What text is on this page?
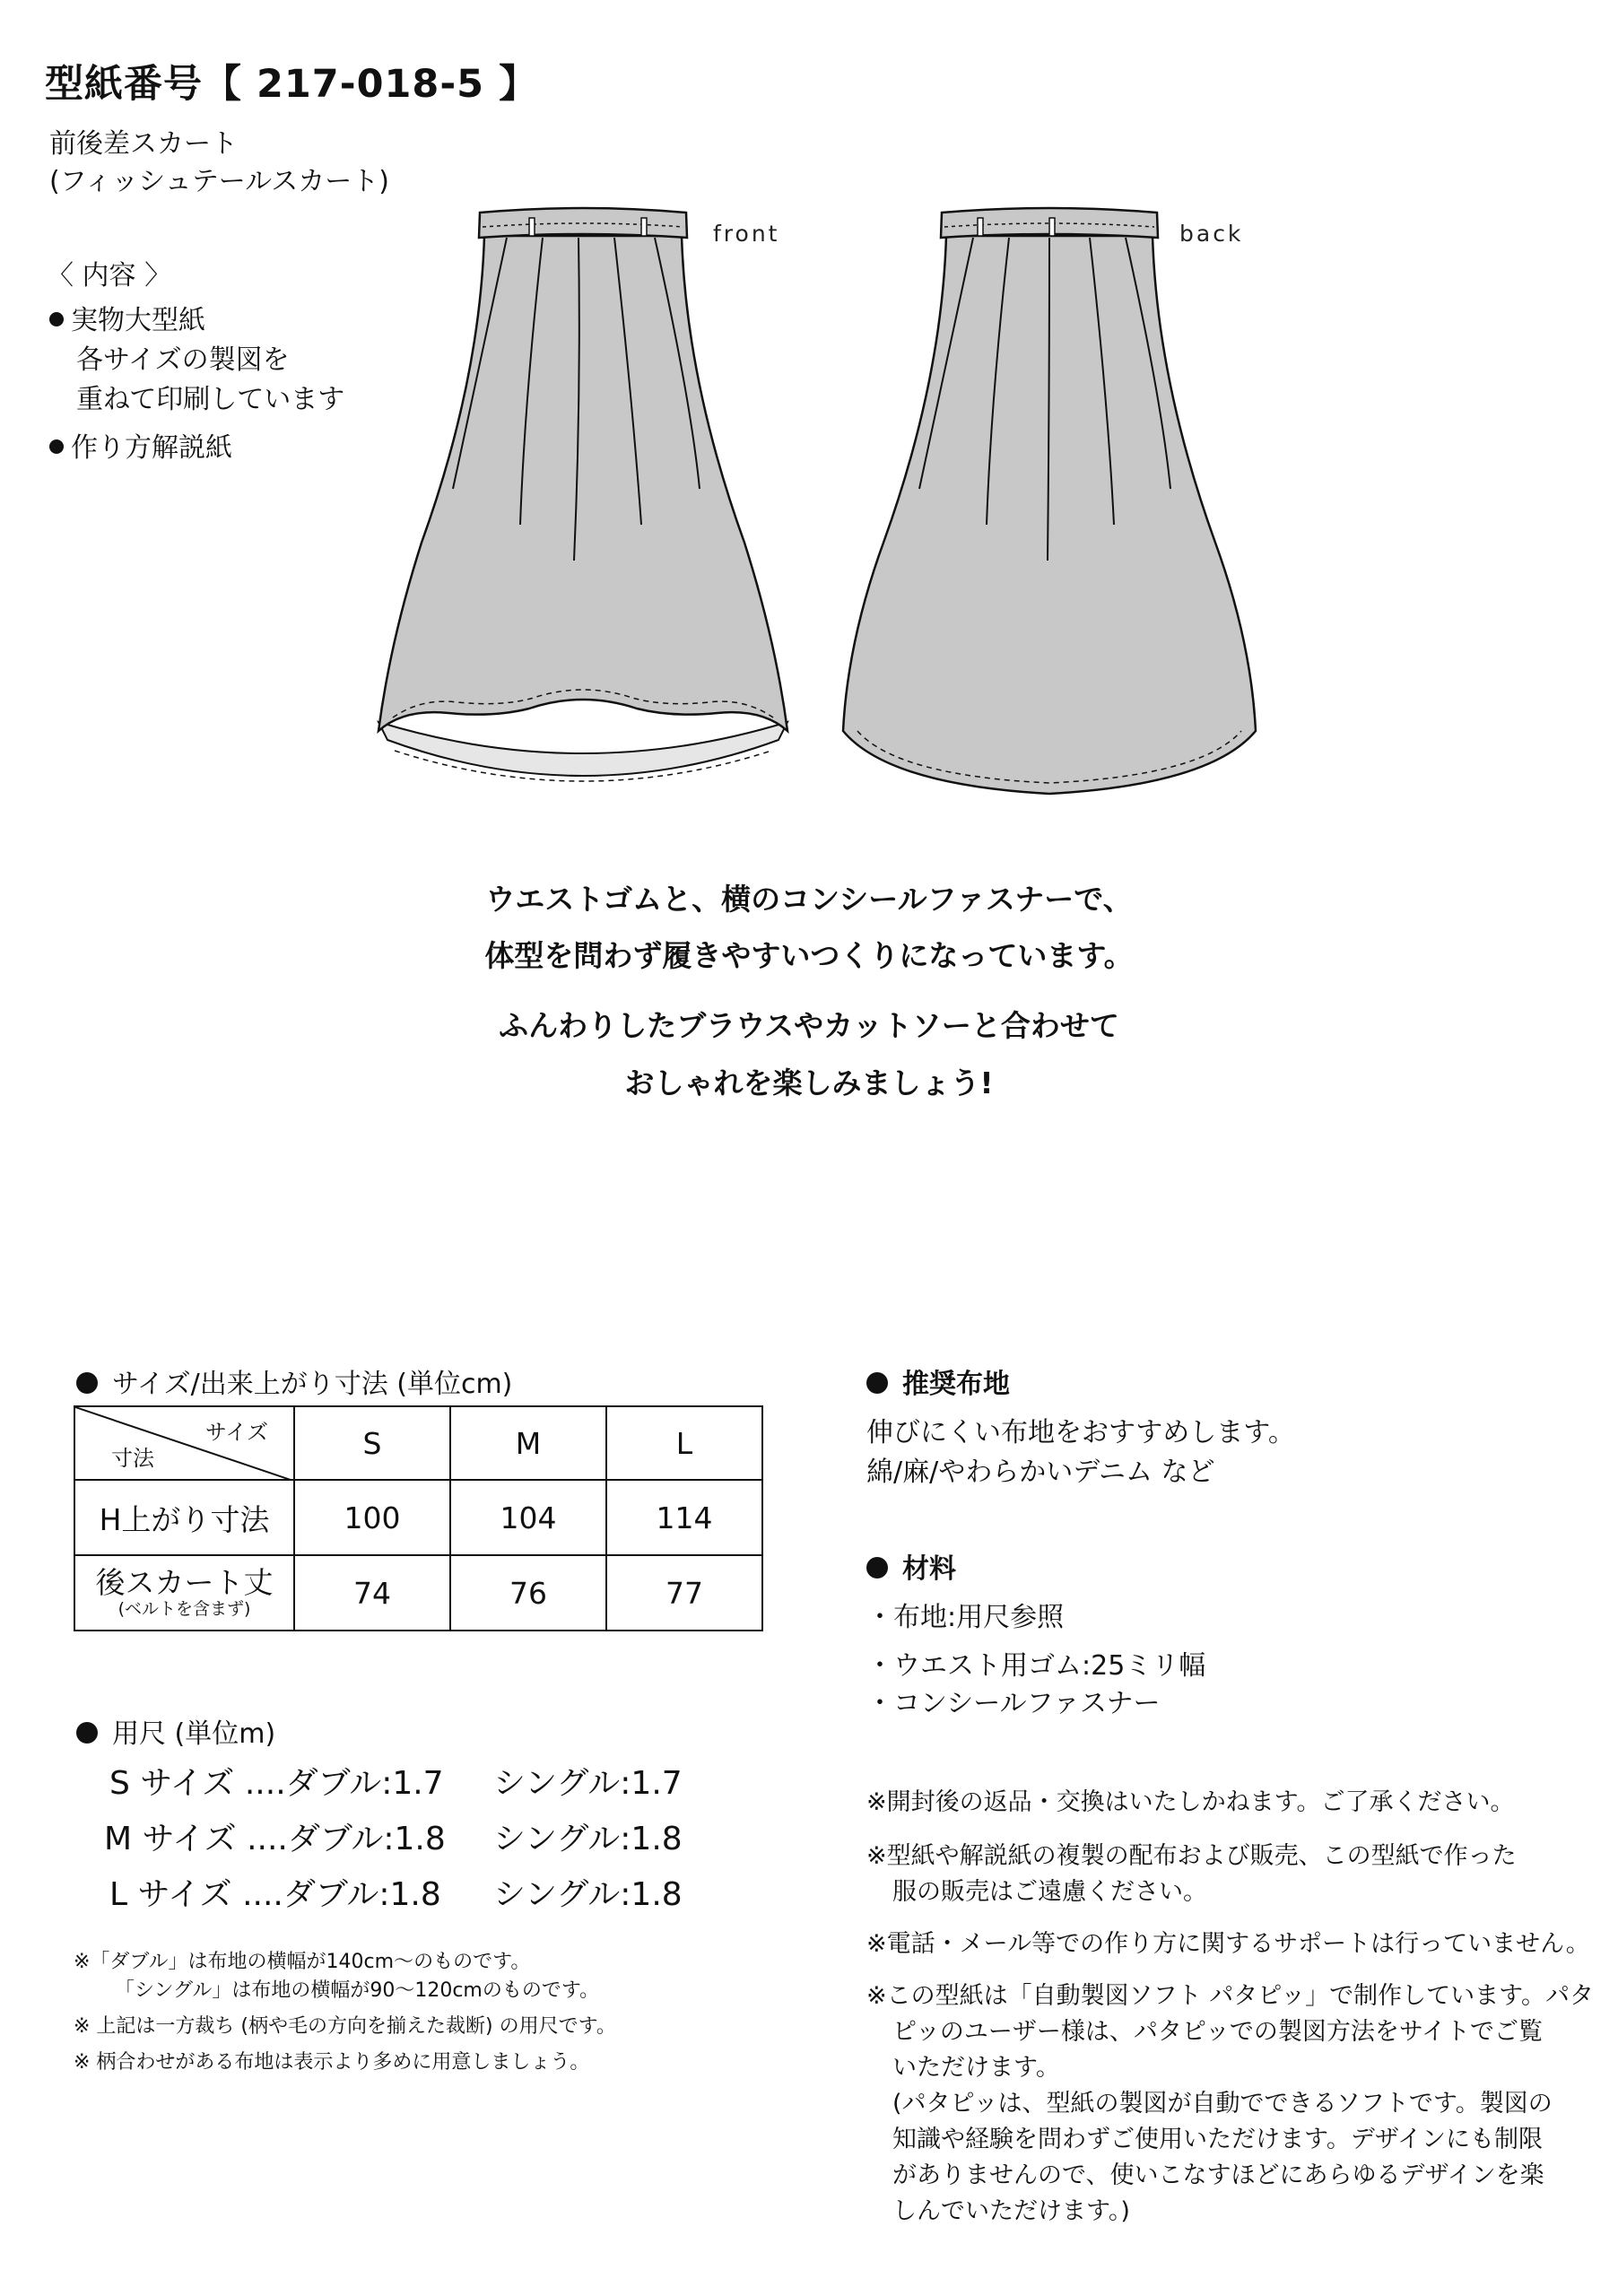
型紙番号【 217-018-5 】
前後差スカート
(フィッシュテールスカート)
〈 内容 〉
実物大型紙
各サイズの製図を
重ねて印刷しています
作り方解説紙
front	back
ウエストゴムと、横のコンシールファスナーで、
体型を問わず履きやすいつくりになっています。
ふんわりしたブラウスやカットソーと合わせて
おしゃれを楽しみましょう!
サイズ/出来上がり寸法 (単位cm)
サイズ
寸法	S	M	L
H上がり寸法	100	104	114

後スカート丈
(ベルトを含まず)	74	76	77
用尺 (単位m)
S サイズ ....ダブル:1.7 シングル:1.7
M サイズ ....ダブル:1.8 シングル:1.8
L サイズ ....ダブル:1.8 シングル:1.8
※「ダブル」は布地の横幅が140cm〜のものです。
「シングル」は布地の横幅が90〜120cmのものです。
※ 上記は一方裁ち (柄や毛の方向を揃えた裁断) の用尺です。
※ 柄合わせがある布地は表示より多めに用意しましょう。
推奨布地
伸びにくい布地をおすすめします。
綿/麻/やわらかいデニム など
材料
・布地:用尺参照
・ウエスト用ゴム:25ミリ幅
・コンシールファスナー
※開封後の返品・交換はいたしかねます。ご了承ください。
※型紙や解説紙の複製の配布および販売、この型紙で作った
服の販売はご遠慮ください。
※電話・メール等での作り方に関するサポートは行っていません。
※この型紙は「自動製図ソフト パタピッ」で制作しています。パタ
ピッのユーザー様は、パタピッでの製図方法をサイトでご覧
いただけます。
(パタピッは、型紙の製図が自動でできるソフトです。製図の
知識や経験を問わずご使用いただけます。デザインにも制限
がありませんので、使いこなすほどにあらゆるデザインを楽
しんでいただけます。)
